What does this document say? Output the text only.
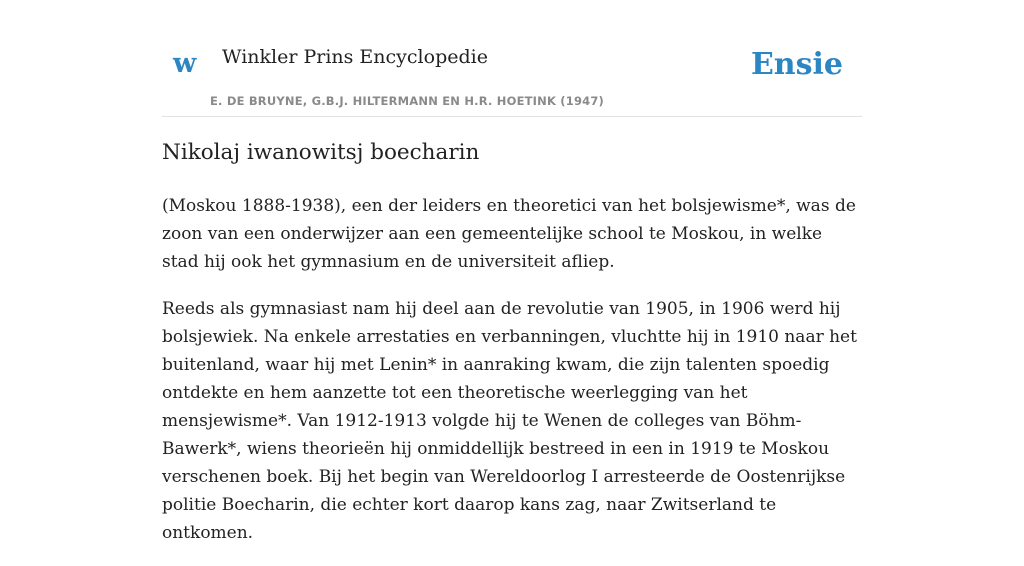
w Winkler Prins Encyclopedie
E. DE BRUYNE, G.B.J. HILTERMANN EN H.R. HOETINK (1947)
Ensie
Nikolaj iwanowitsj boecharin

(Moskou 1888-1938), een der leiders en theoretici van het bolsjewisme*, was de zoon van een onderwijzer aan een gemeentelijke school te Moskou, in welke stad hij ook het gymnasium en de universiteit afliep.

Reeds als gymnasiast nam hij deel aan de revolutie van 1905, in 1906 werd hij bolsjewiek. Na enkele arrestaties en verbanningen, vluchtte hij in 1910 naar het buitenland, waar hij met Lenin* in aanraking kwam, die zijn talenten spoedig ontdekte en hem aanzette tot een theoretische weerlegging van het mensjewisme*. Van 1912-1913 volgde hij te Wenen de colleges van Böhm-Bawerk*, wiens theorieën hij onmiddellijk bestreed in een in 1919 te Moskou verschenen boek. Bij het begin van Wereldoorlog I arresteerde de Oostenrijkse politie Boecharin, die echter kort daarop kans zag, naar Zwitserland te ontkomen.
